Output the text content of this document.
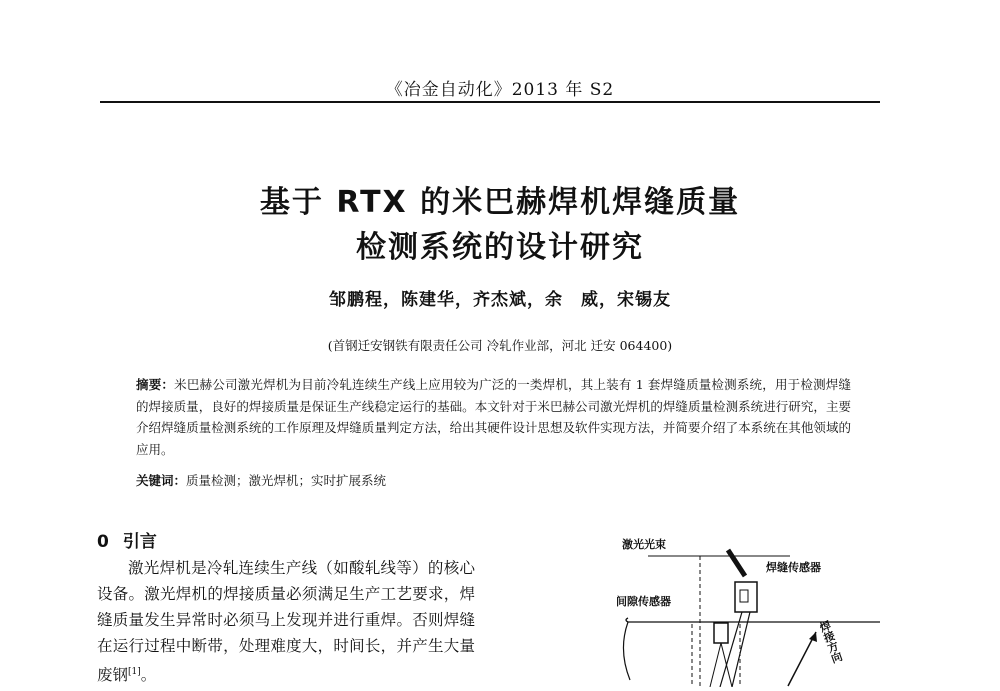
《冶金自动化》2013 年 S2
基于 RTX 的米巴赫焊机焊缝质量
检测系统的设计研究
邹鹏程，陈建华，齐杰斌，余　威，宋锡友
(首钢迁安钢铁有限责任公司 冷轧作业部，河北 迁安 064400)
摘要：米巴赫公司激光焊机为目前冷轧连续生产线上应用较为广泛的一类焊机，其上装有 1 套焊缝质量检测系统，用于检测焊缝的焊接质量，良好的焊接质量是保证生产线稳定运行的基础。本文针对于米巴赫公司激光焊机的焊缝质量检测系统进行研究，主要介绍焊缝质量检测系统的工作原理及焊缝质量判定方法，给出其硬件设计思想及软件实现方法，并简要介绍了本系统在其他领域的应用。
关键词：质量检测；激光焊机；实时扩展系统
0 引言
激光焊机是冷轧连续生产线（如酸轧线等）的核心设备。激光焊机的焊接质量必须满足生产工艺要求，焊缝质量发生异常时必须马上发现并进行重焊。否则焊缝在运行过程中断带，处理难度大，时间长，并产生大量废钢[1]。
激光光束
焊缝传感器
间隙传感器
焊接方向
